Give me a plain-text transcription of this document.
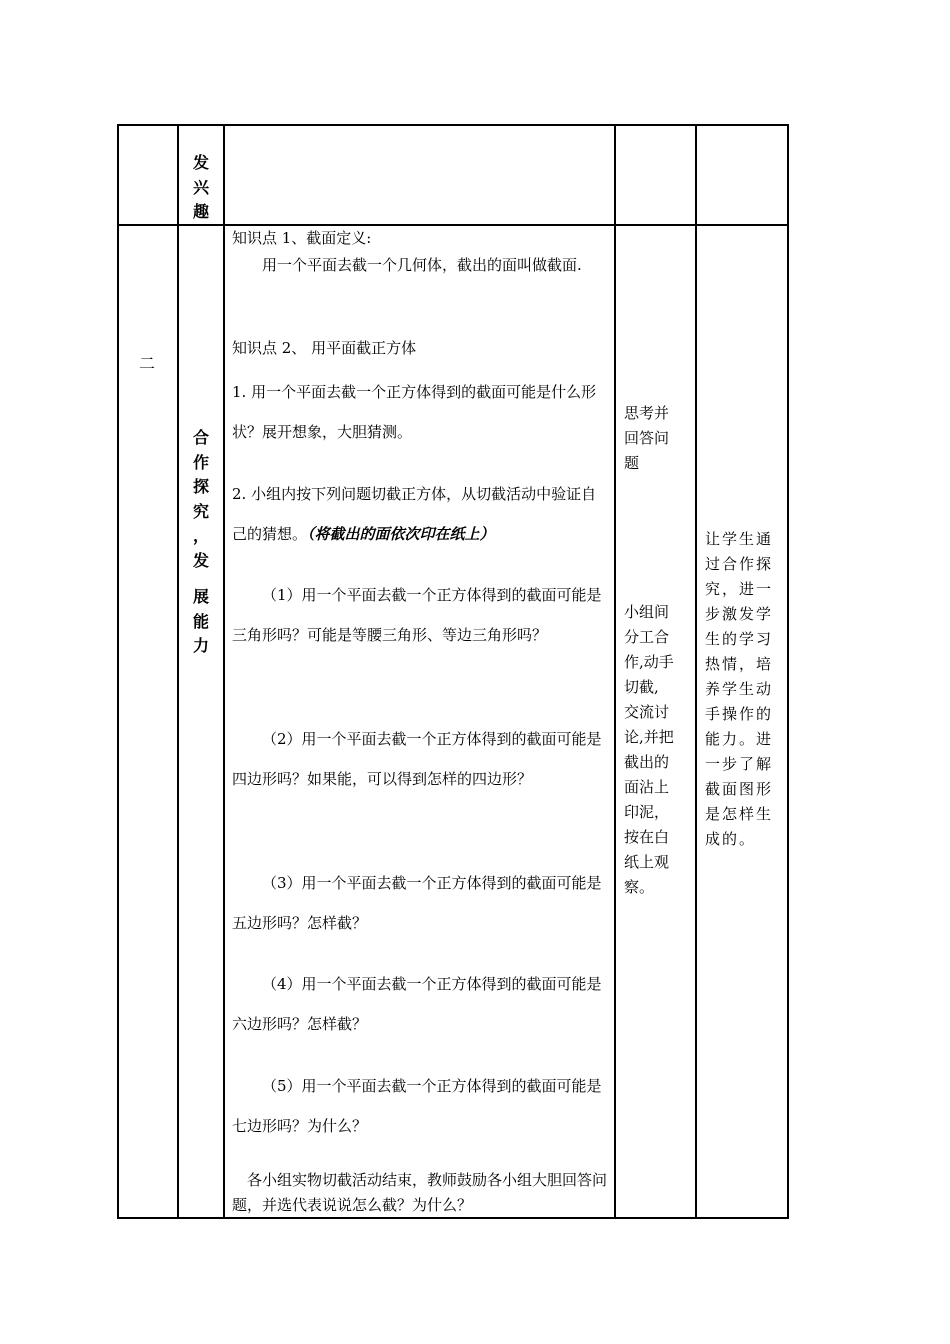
发
兴
趣
二
合
作
探
究
，
发
展
能
力

知识点 1、截面定义:

用一个平面去截一个几何体，截出的面叫做截面.

知识点 2、 用平面截正方体

1. 用一个平面去截一个正方体得到的截面可能是什么形状？展开想象，大胆猜测。

2. 小组内按下列问题切截正方体，从切截活动中验证自己的猜想。（将截出的面依次印在纸上）

（1）用一个平面去截一个正方体得到的截面可能是三角形吗？可能是等腰三角形、等边三角形吗？

（2）用一个平面去截一个正方体得到的截面可能是四边形吗？如果能，可以得到怎样的四边形？

（3）用一个平面去截一个正方体得到的截面可能是五边形吗？怎样截？

（4）用一个平面去截一个正方体得到的截面可能是六边形吗？怎样截？

（5）用一个平面去截一个正方体得到的截面可能是七边形吗？为什么？

各小组实物切截活动结束，教师鼓励各小组大胆回答问题，并选代表说说怎么截？为什么？

思考并
回答问
题
小组间
分工合
作,动手
切截,
交流讨
论,并把
截出的
面沾上
印泥，
按在白
纸上观
察。
让学生通
过合作探
究，进一
步激发学
生的学习
热情，培
养学生动
手操作的
能力。进
一步了解
截面图形
是怎样生
成的。
